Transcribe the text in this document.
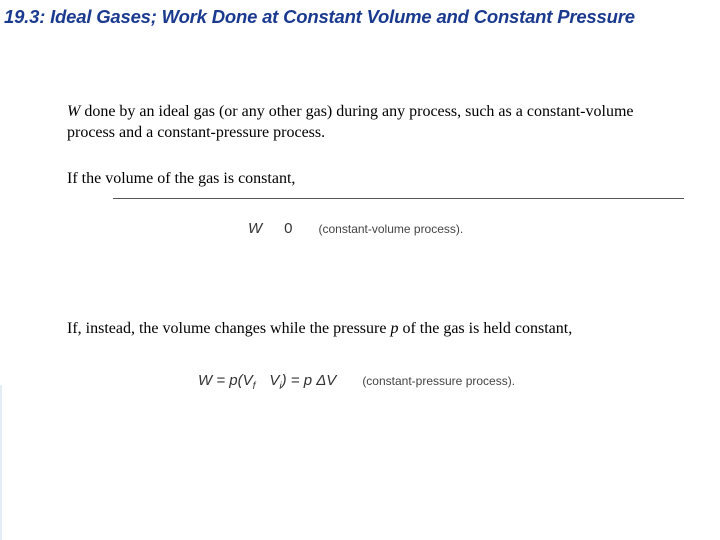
19.3: Ideal Gases; Work Done at Constant Volume and Constant Pressure
W done by an ideal gas (or any other gas) during any process, such as a constant-volume process and a constant-pressure process.
If the volume of the gas is constant,
W 0 (constant-volume process).
If, instead, the volume changes while the pressure p of the gas is held constant,
$W = p(V_f$ $V_i) = p$ ΔV (constant-pressure process).
